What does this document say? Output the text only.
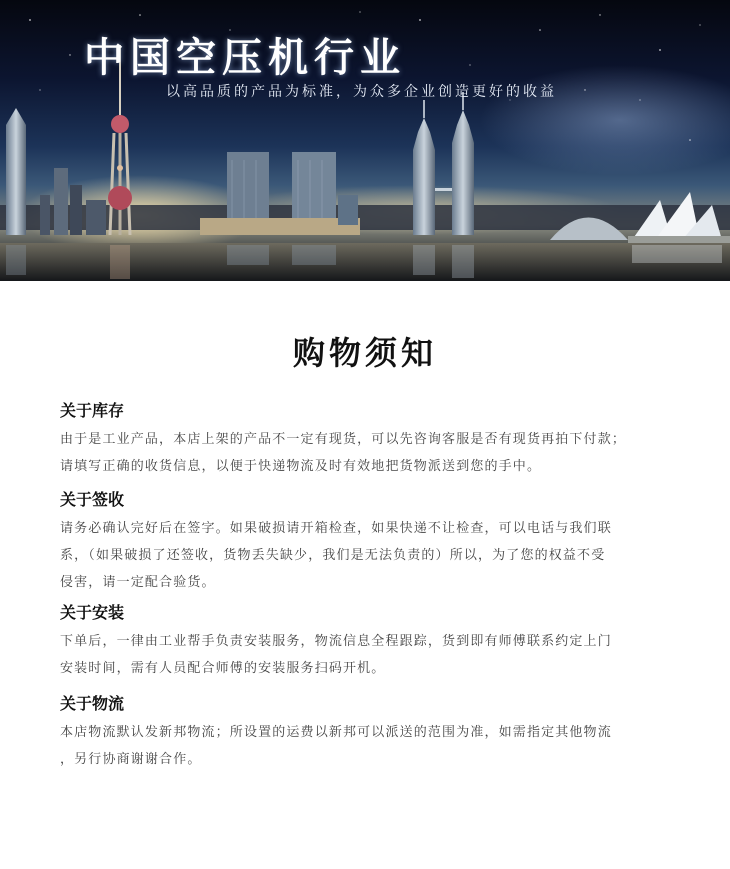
中国空压机行业
以高品质的产品为标准，为众多企业创造更好的收益
购物须知
关于库存
由于是工业产品，本店上架的产品不一定有现货，可以先咨询客服是否有现货再拍下付款；
请填写正确的收货信息，以便于快递物流及时有效地把货物派送到您的手中。
关于签收
请务必确认完好后在签字。如果破损请开箱检查，如果快递不让检查，可以电话与我们联
系，（如果破损了还签收，货物丢失缺少，我们是无法负责的）所以，为了您的权益不受
侵害，请一定配合验货。
关于安装
下单后，一律由工业帮手负责安装服务，物流信息全程跟踪，货到即有师傅联系约定上门
安装时间，需有人员配合师傅的安装服务扫码开机。
关于物流
本店物流默认发新邦物流；所设置的运费以新邦可以派送的范围为准，如需指定其他物流
，另行协商谢谢合作。
